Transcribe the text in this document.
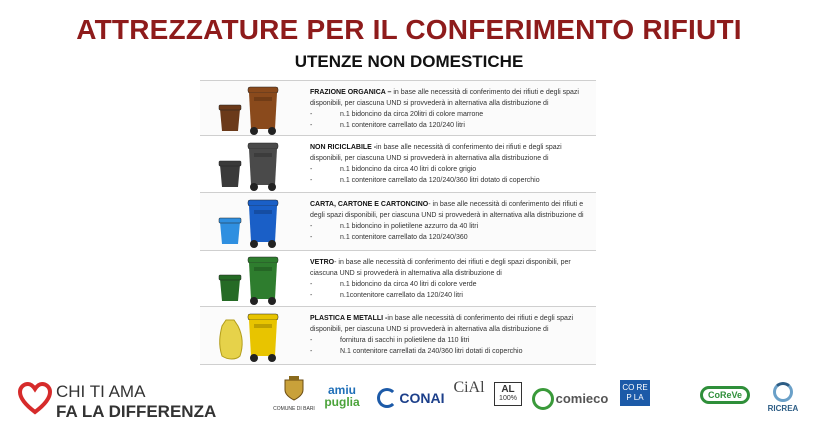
ATTREZZATURE PER IL CONFERIMENTO RIFIUTI
UTENZE NON DOMESTICHE
FRAZIONE ORGANICA – in base alle necessità di conferimento dei rifiuti e degli spazi disponibili, per ciascuna UND si provvederà in alternativa alla distribuzione di
-	n.1 bidoncino da circa 20litri di colore marrone
-	n.1 contenitore carrellato da 120/240 litri
NON RICICLABILE -in base alle necessità di conferimento dei rifiuti e degli spazi disponibili, per ciascuna UND si provvederà in alternativa alla distribuzione di
-	n.1 bidoncino da circa 40 litri di colore grigio
-	n.1 contenitore carrellato da 120/240/360 litri dotato di coperchio
CARTA, CARTONE E CARTONCINO- in base alle necessità di conferimento dei rifiuti e degli spazi disponibili, per ciascuna UND si provvederà in alternativa alla distribuzione di
-	n.1 bidoncino in polietilene azzurro da 40 litri
-	n.1 contenitore carrellato da 120/240/360
VETRO- in base alle necessità di conferimento dei rifiuti e degli spazi disponibili, per ciascuna UND si provvederà in alternativa alla distribuzione di
-	n.1 bidoncino da circa 40 litri di colore verde
-	n.1contenitore carrellato da 120/240 litri
PLASTICA E METALLI -in base alle necessità di conferimento dei rifiuti e degli spazi disponibili, per ciascuna UND si provvederà in alternativa alla distribuzione di
-	fornitura di sacchi in polietilene da 110 litri
-	N.1 contenitore carrellati da 240/360 litri dotati di coperchio
CHI TI AMA
FA LA DIFFERENZA	COMUNE DI BARI
amiu
puglia	CONAI
CiAl	AL
100%	comieco
CO RE
P LA	CoReVe
RICREA
